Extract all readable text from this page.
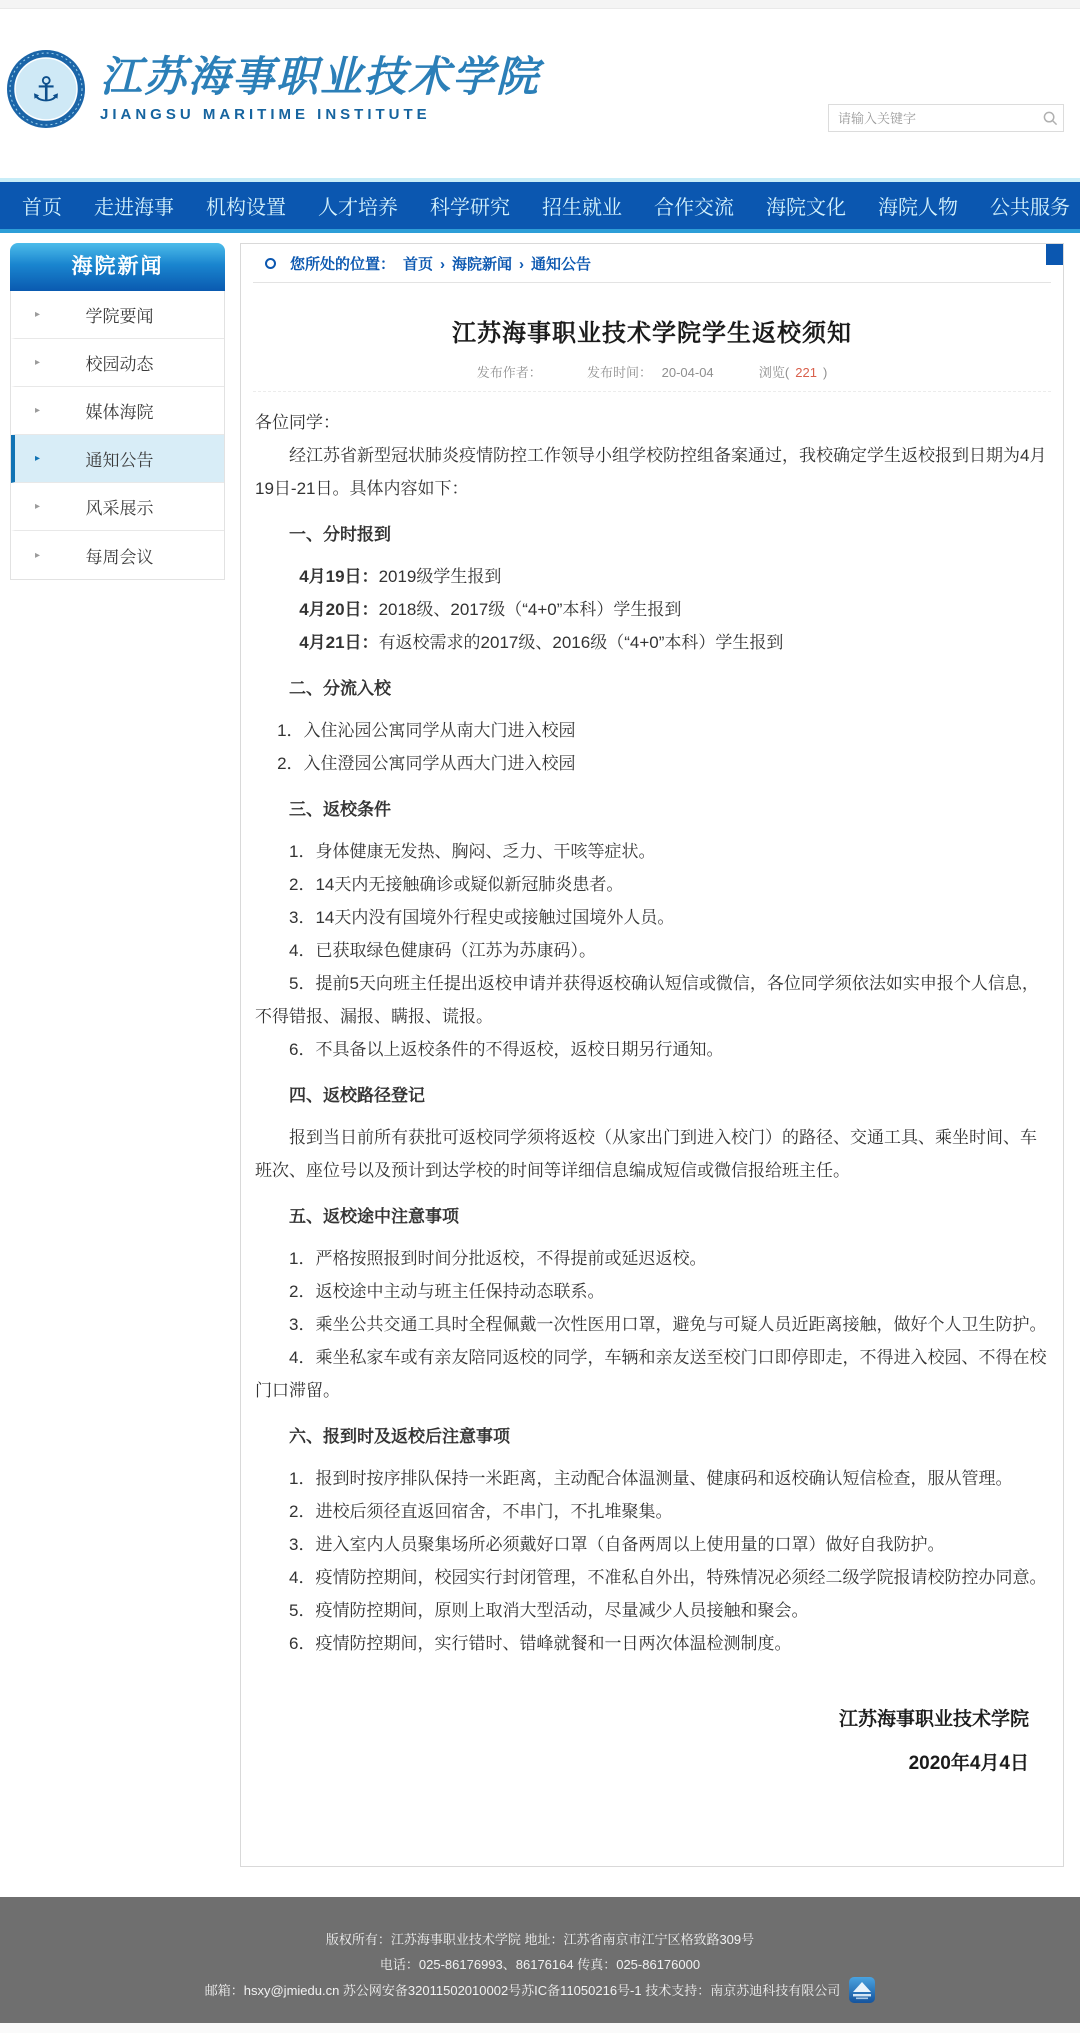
⚓ 江苏海事职业技术学院
JIANGSU MARITIME INSTITUTE
请输入关键字
首页	走进海事	机构设置	人才培养	科学研究	招生就业	合作交流	海院文化	海院人物	公共服务
海院新闻
▸	学院要闻
▸	校园动态
▸	媒体海院
▸	通知公告
▸	风采展示
▸	每周会议
您所处的位置： 首页 › 海院新闻 › 通知公告
江苏海事职业技术学院学生返校须知
发布作者：	发布时间： 20-04-04	浏览( 221 )

各位同学：

经江苏省新型冠状肺炎疫情防控工作领导小组学校防控组备案通过，我校确定学生返校报到日期为4月19日-21日。具体内容如下：

一、分时报到

4月19日：2019级学生报到

4月20日：2018级、2017级（“4+0”本科）学生报到

4月21日：有返校需求的2017级、2016级（“4+0”本科）学生报到

二、分流入校

1．入住沁园公寓同学从南大门进入校园

2．入住澄园公寓同学从西大门进入校园

三、返校条件

1．身体健康无发热、胸闷、乏力、干咳等症状。

2．14天内无接触确诊或疑似新冠肺炎患者。

3．14天内没有国境外行程史或接触过国境外人员。

4．已获取绿色健康码（江苏为苏康码）。

5．提前5天向班主任提出返校申请并获得返校确认短信或微信，各位同学须依法如实申报个人信息，不得错报、漏报、瞒报、谎报。

6．不具备以上返校条件的不得返校，返校日期另行通知。

四、返校路径登记

报到当日前所有获批可返校同学须将返校（从家出门到进入校门）的路径、交通工具、乘坐时间、车班次、座位号以及预计到达学校的时间等详细信息编成短信或微信报给班主任。

五、返校途中注意事项

1．严格按照报到时间分批返校，不得提前或延迟返校。

2．返校途中主动与班主任保持动态联系。

3．乘坐公共交通工具时全程佩戴一次性医用口罩，避免与可疑人员近距离接触，做好个人卫生防护。

4．乘坐私家车或有亲友陪同返校的同学，车辆和亲友送至校门口即停即走，不得进入校园、不得在校门口滞留。

六、报到时及返校后注意事项

1．报到时按序排队保持一米距离，主动配合体温测量、健康码和返校确认短信检查，服从管理。

2．进校后须径直返回宿舍，不串门，不扎堆聚集。

3．进入室内人员聚集场所必须戴好口罩（自备两周以上使用量的口罩）做好自我防护。

4．疫情防控期间，校园实行封闭管理，不准私自外出，特殊情况必须经二级学院报请校防控办同意。

5．疫情防控期间，原则上取消大型活动，尽量减少人员接触和聚会。

6．疫情防控期间，实行错时、错峰就餐和一日两次体温检测制度。

江苏海事职业技术学院
2020年4月4日
版权所有：江苏海事职业技术学院 地址：江苏省南京市江宁区格致路309号
电话：025-86176993、86176164 传真：025-86176000
邮箱：hsxy@jmiedu.cn 苏公网安备32011502010002号苏IC备11050216号-1 技术支持：南京苏迪科技有限公司
